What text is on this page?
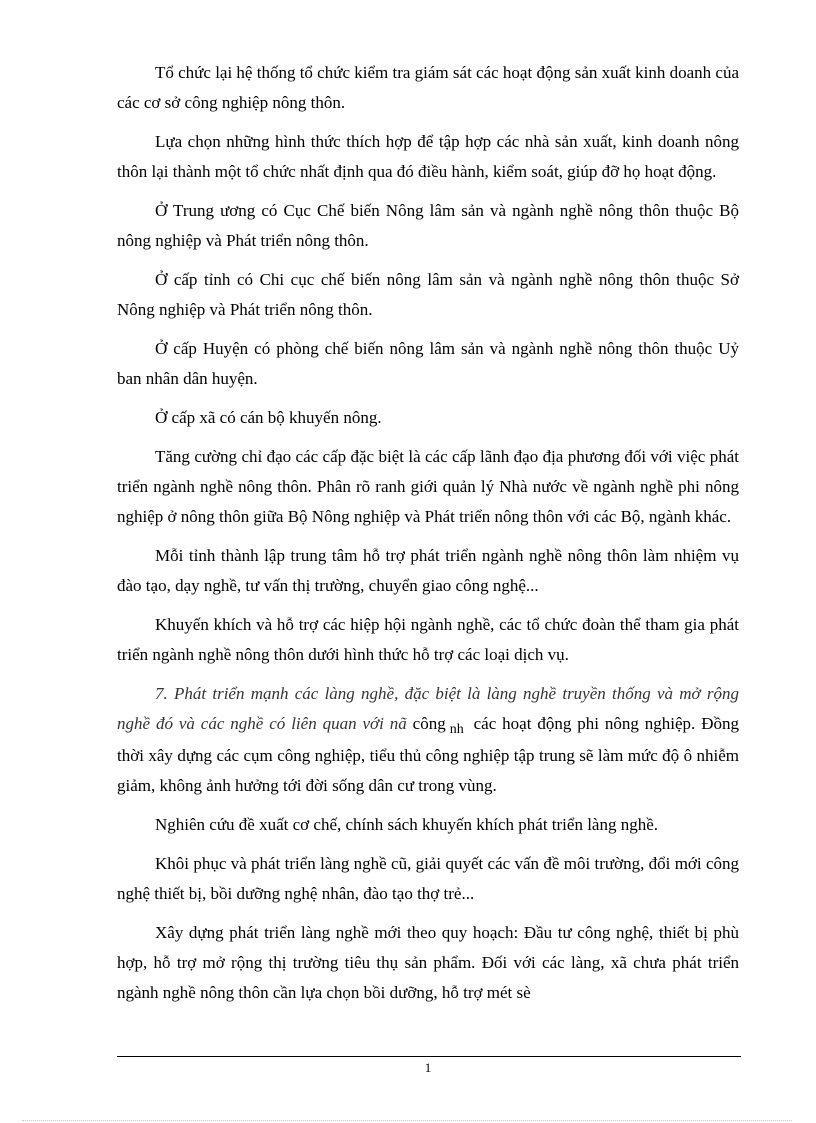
Tổ chức lại hệ thống tổ chức kiểm tra giám sát các hoạt động sản xuất kinh doanh của các cơ sở công nghiệp nông thôn.

Lựa chọn những hình thức thích hợp để tập hợp các nhà sản xuất, kinh doanh nông thôn lại thành một tổ chức nhất định qua đó điều hành, kiểm soát, giúp đỡ họ hoạt động.

Ở Trung ương có Cục Chế biến Nông lâm sản và ngành nghề nông thôn thuộc Bộ nông nghiệp và Phát triển nông thôn.

Ở cấp tỉnh có Chi cục chế biến nông lâm sản và ngành nghề nông thôn thuộc Sở Nông nghiệp và Phát triển nông thôn.

Ở cấp Huyện có phòng chế biến nông lâm sản và ngành nghề nông thôn thuộc Uỷ ban nhân dân huyện.

Ở cấp xã có cán bộ khuyến nông.

Tăng cường chỉ đạo các cấp đặc biệt là các cấp lãnh đạo địa phương đối với việc phát triển ngành nghề nông thôn. Phân rõ ranh giới quản lý Nhà nước về ngành nghề phi nông nghiệp ở nông thôn giữa Bộ Nông nghiệp và Phát triển nông thôn với các Bộ, ngành khác.

Mỗi tỉnh thành lập trung tâm hỗ trợ phát triển ngành nghề nông thôn làm nhiệm vụ đào tạo, dạy nghề, tư vấn thị trường, chuyển giao công nghệ...

Khuyến khích và hỗ trợ các hiệp hội ngành nghề, các tổ chức đoàn thể tham gia phát triển ngành nghề nông thôn dưới hình thức hỗ trợ các loại dịch vụ.

7. Phát triển mạnh các làng nghề, đặc biệt là làng nghề truyền thống và mở rộng nghề đó và các nghề có liên quan với nã công $_{nh}$ các hoạt động phi nông nghiệp. Đồng thời xây dựng các cụm công nghiệp, tiểu thủ công nghiệp tập trung sẽ làm mức độ ô nhiễm giảm, không ảnh hưởng tới đời sống dân cư trong vùng.

Nghiên cứu đề xuất cơ chế, chính sách khuyến khích phát triển làng nghề.

Khôi phục và phát triển làng nghề cũ, giải quyết các vấn đề môi trường, đổi mới công nghệ thiết bị, bồi dưỡng nghệ nhân, đào tạo thợ trẻ...

Xây dựng phát triển làng nghề mới theo quy hoạch: Đầu tư công nghệ, thiết bị phù hợp, hỗ trợ mở rộng thị trường tiêu thụ sản phẩm. Đối với các làng, xã chưa phát triển ngành nghề nông thôn cần lựa chọn bồi dưỡng, hỗ trợ mét sè

1
